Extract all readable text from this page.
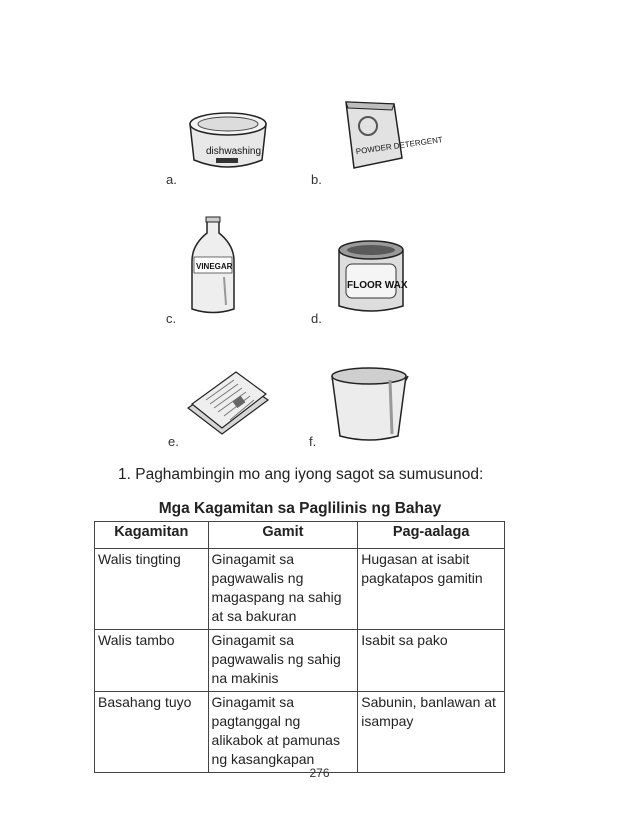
dishwashing
a.
POWDER DETERGENT
b.
VINEGAR
c.
FLOOR WAX
d.
e.	f.
1. Paghambingin mo ang iyong sagot sa sumusunod:
Mga Kagamitan sa Paglilinis ng Bahay
Kagamitan	Gamit	Pag-aalaga
Walis tingting	Ginagamit sa pagwawalis ng magaspang na sahig at sa bakuran	Hugasan at isabit pagkatapos gamitin
Walis tambo	Ginagamit sa pagwawalis ng sahig na makinis	Isabit sa pako
Basahang tuyo	Ginagamit sa pagtanggal ng alikabok at pamunas ng kasangkapan	Sabunin, banlawan at isampay
276
